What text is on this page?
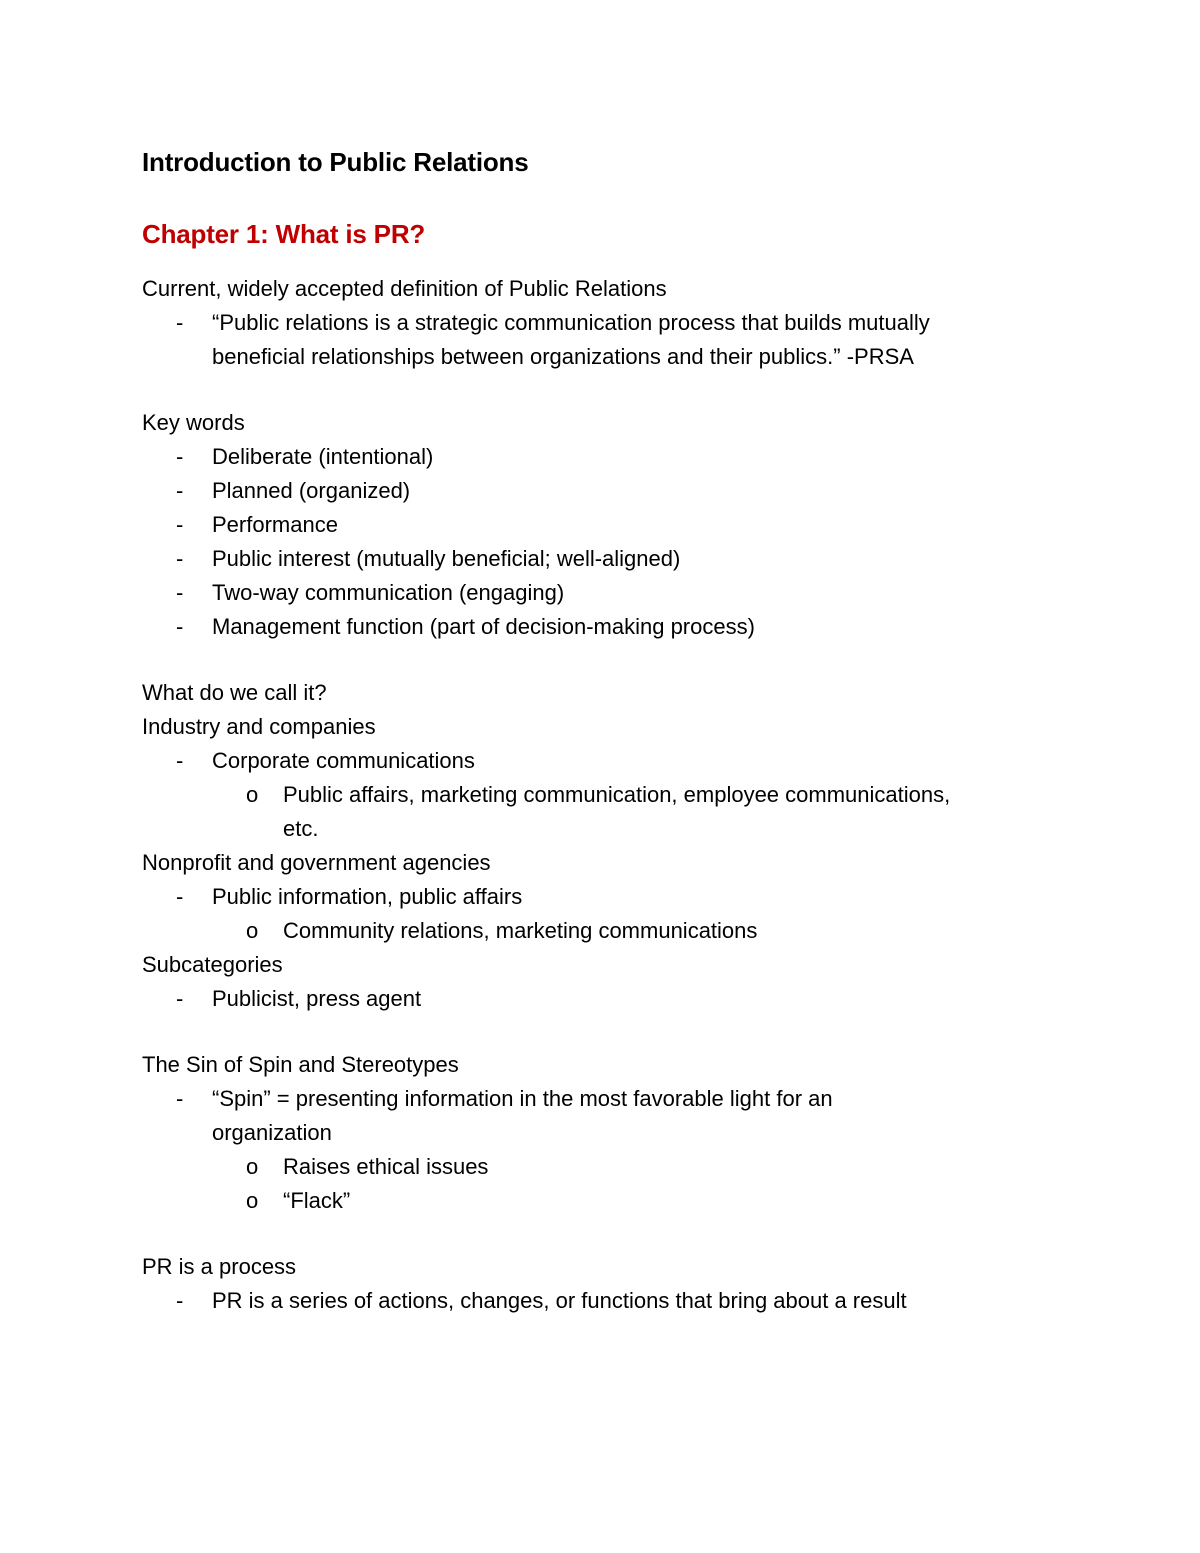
Introduction to Public Relations
Chapter 1: What is PR?
Current, widely accepted definition of Public Relations
- “Public relations is a strategic communication process that builds mutually
beneficial relationships between organizations and their publics.” -PRSA
Key words
- Deliberate (intentional)
- Planned (organized)
- Performance
- Public interest (mutually beneficial; well-aligned)
- Two-way communication (engaging)
- Management function (part of decision-making process)
What do we call it?
Industry and companies
- Corporate communications
o Public affairs, marketing communication, employee communications,
etc.
Nonprofit and government agencies
- Public information, public affairs
o Community relations, marketing communications
Subcategories
- Publicist, press agent
The Sin of Spin and Stereotypes
- “Spin” = presenting information in the most favorable light for an
organization
o Raises ethical issues
o “Flack”
PR is a process
- PR is a series of actions, changes, or functions that bring about a result
